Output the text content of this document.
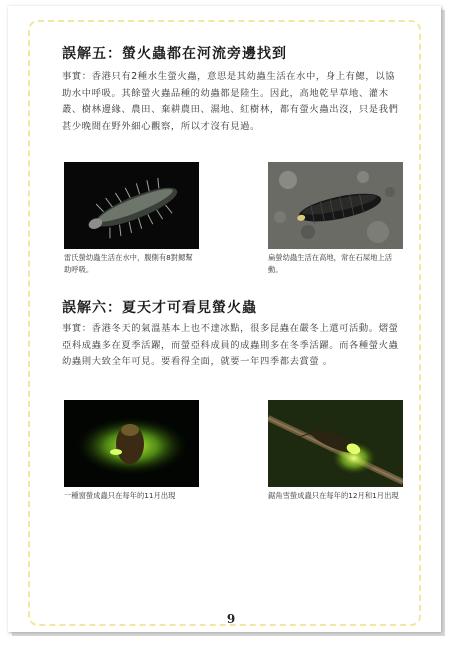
誤解五：螢火蟲都在河流旁邊找到

事實：香港只有2種水生螢火蟲，意思是其幼蟲生活在水中，身上有鰓，以協助水中呼吸。其餘螢火蟲品種的幼蟲都是陸生。因此，高地乾旱草地、灌木叢、樹林邊緣、農田、棄耕農田、濕地、紅樹林，都有螢火蟲出沒，只是我們甚少晚間在野外細心觀察，所以才沒有見過。

雷氏螢幼蟲生活在水中，腹側有8對鰓幫助呼吸。

扁螢幼蟲生活在高地，常在石屎地上活動。

誤解六：夏天才可看見螢火蟲

事實：香港冬天的氣溫基本上也不達冰點，很多昆蟲在嚴冬上還可活動。熠螢亞科成蟲多在夏季活躍，而螢亞科成員的成蟲則多在冬季活躍。而各種螢火蟲幼蟲則大致全年可見。要看得全面，就要一年四季都去賞螢 。

一種窗螢成蟲只在每年的11月出現	鋸角雪螢成蟲只在每年的12月和1月出現

9
